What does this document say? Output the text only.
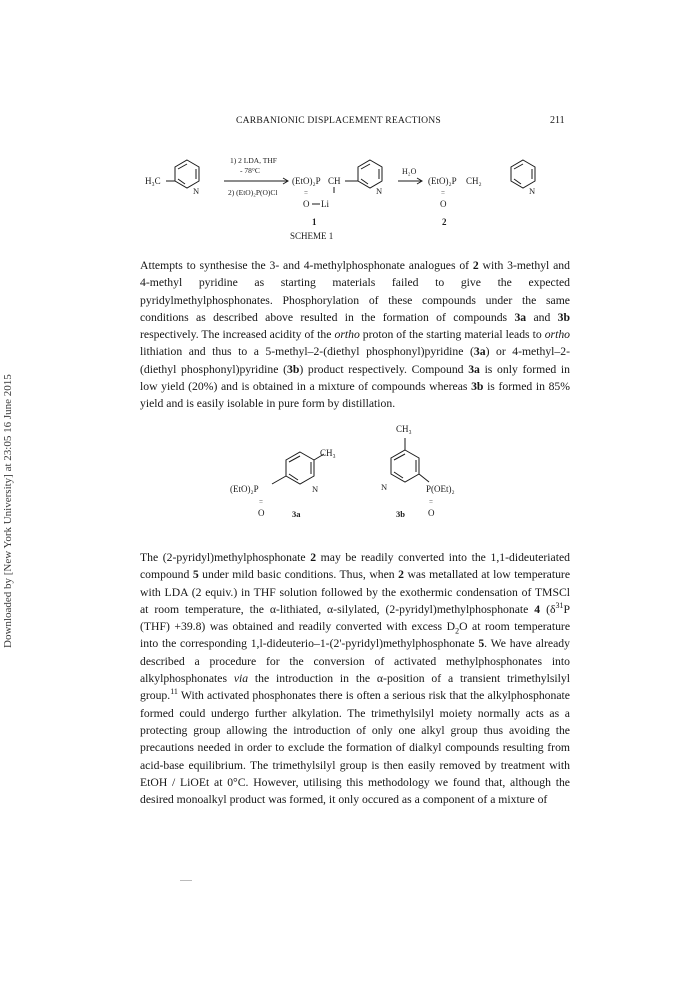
CARBANIONIC DISPLACEMENT REACTIONS	211
Downloaded by [New York University] at 23:05 16 June 2015
H₃C
N
1) 2 LDA, THF
- 78°C
2) (EtO)₂P(O)Cl
(EtO)₂P CH
=
O Li
N
H₂O
(EtO)₂P CH₂
=
O
N
1	2
SCHEME 1

Attempts to synthesise the 3- and 4-methylphosphonate analogues of 2 with 3-methyl and 4-methyl pyridine as starting materials failed to give the expected pyridylmethylphosphonates. Phosphorylation of these compounds under the same conditions as described above resulted in the formation of compounds 3a and 3b respectively. The increased acidity of the ortho proton of the starting material leads to ortho lithiation and thus to a 5-methyl–2-(diethyl phosphonyl)pyridine (3a) or 4-methyl–2-(diethyl phosphonyl)pyridine (3b) product respectively. Compound 3a is only formed in low yield (20%) and is obtained in a mixture of compounds whereas 3b is formed in 85% yield and is easily isolable in pure form by distillation.

CH₃
(EtO)₂P	N
=
O	3a
CH₃
N	P(OEt)₂
=
O
3b

The (2-pyridyl)methylphosphonate 2 may be readily converted into the 1,1-dideuteriated compound 5 under mild basic conditions. Thus, when 2 was metallated at low temperature with LDA (2 equiv.) in THF solution followed by the exothermic condensation of TMSCl at room temperature, the α-lithiated, α-silylated, (2-pyridyl)methylphosphonate 4 ($\delta^{31}P$ (THF) +39.8) was obtained and readily converted with excess $D_2O$ at room temperature into the corresponding 1,l-dideuterio–1-(2'-pyridyl)methylphosphonate 5. We have already described a procedure for the conversion of activated methylphosphonates into alkylphosphonates via the introduction in the α-position of a transient trimethylsilyl group.$^{11}$ With activated phosphonates there is often a serious risk that the alkylphosphonate formed could undergo further alkylation. The trimethylsilyl moiety normally acts as a protecting group allowing the introduction of only one alkyl group thus avoiding the precautions needed in order to exclude the formation of dialkyl compounds resulting from acid-base equilibrium. The trimethylsilyl group is then easily removed by treatment with EtOH / LiOEt at 0°C. However, utilising this methodology we found that, although the desired monoalkyl product was formed, it only occured as a component of a mixture of
